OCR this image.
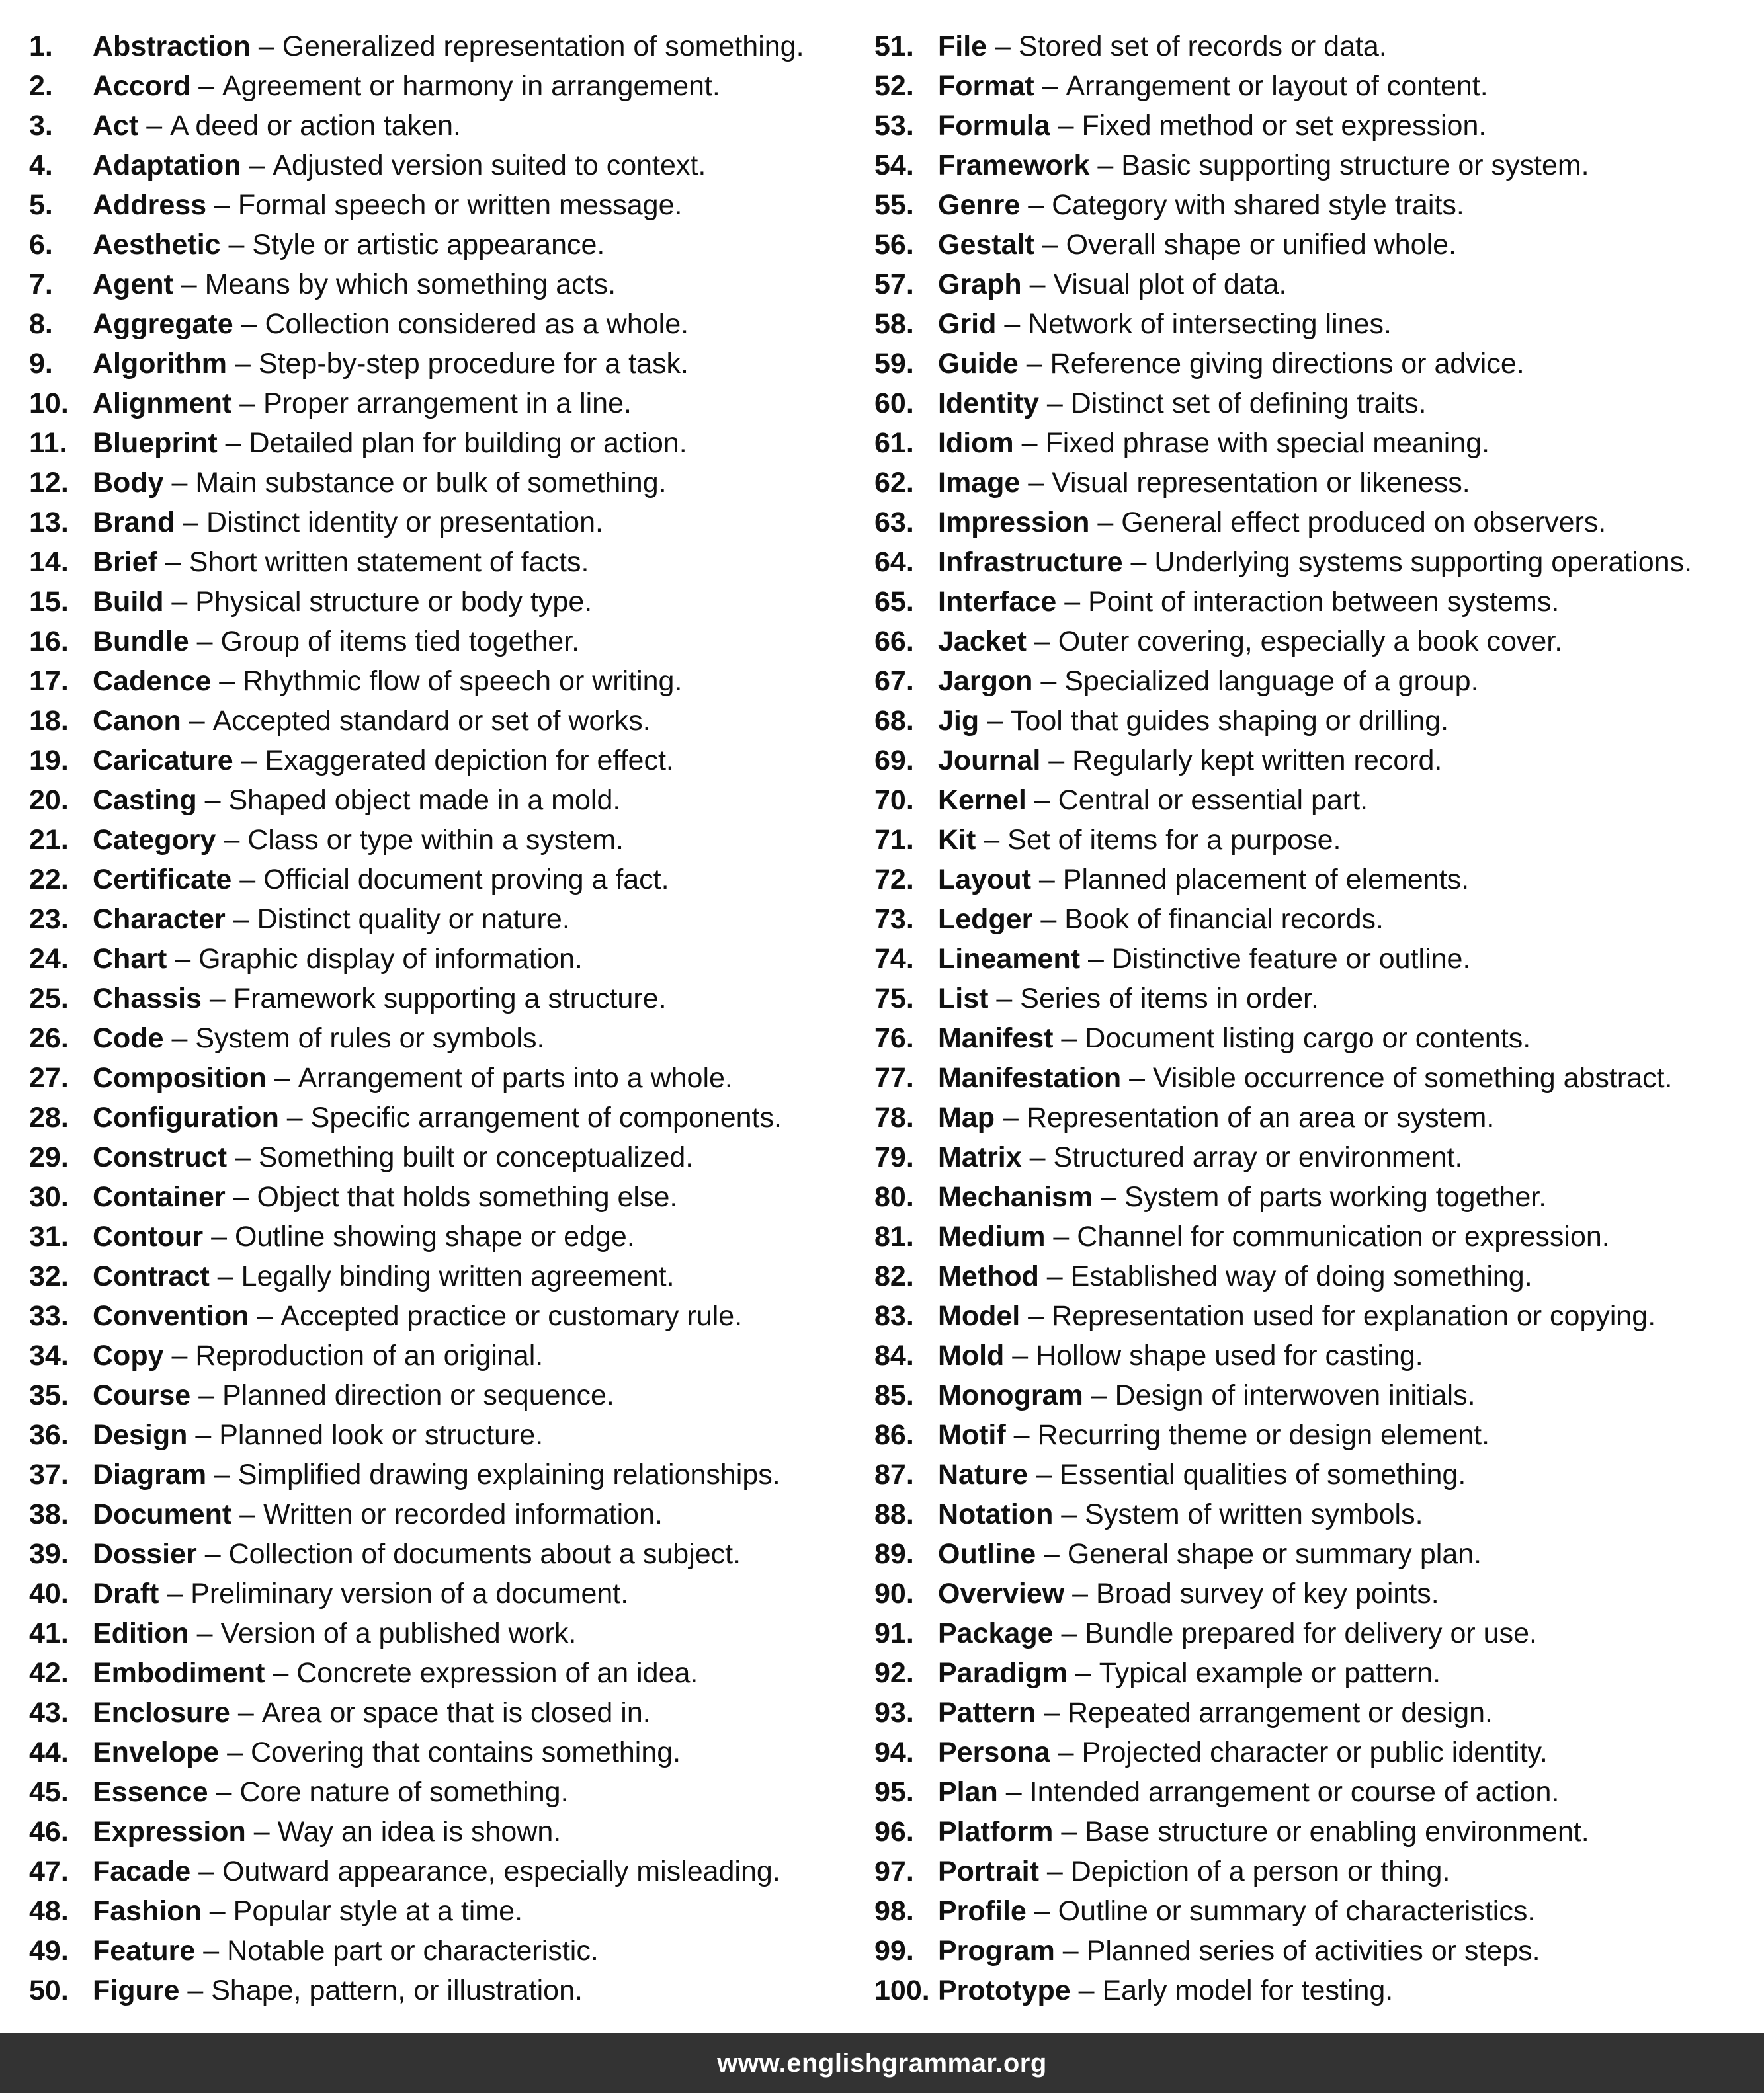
1.	Abstraction – Generalized representation of something.
2.	Accord – Agreement or harmony in arrangement.
3.	Act – A deed or action taken.
4.	Adaptation – Adjusted version suited to context.
5.	Address – Formal speech or written message.
6.	Aesthetic – Style or artistic appearance.
7.	Agent – Means by which something acts.
8.	Aggregate – Collection considered as a whole.
9.	Algorithm – Step-by-step procedure for a task.
10. Alignment – Proper arrangement in a line.
11. Blueprint – Detailed plan for building or action.
12. Body – Main substance or bulk of something.
13. Brand – Distinct identity or presentation.
14. Brief – Short written statement of facts.
15. Build – Physical structure or body type.
16. Bundle – Group of items tied together.
17. Cadence – Rhythmic flow of speech or writing.
18. Canon – Accepted standard or set of works.
19. Caricature – Exaggerated depiction for effect.
20. Casting – Shaped object made in a mold.
21. Category – Class or type within a system.
22. Certificate – Official document proving a fact.
23. Character – Distinct quality or nature.
24. Chart – Graphic display of information.
25. Chassis – Framework supporting a structure.
26. Code – System of rules or symbols.
27. Composition – Arrangement of parts into a whole.
28. Configuration – Specific arrangement of components.
29. Construct – Something built or conceptualized.
30. Container – Object that holds something else.
31. Contour – Outline showing shape or edge.
32. Contract – Legally binding written agreement.
33. Convention – Accepted practice or customary rule.
34. Copy – Reproduction of an original.
35. Course – Planned direction or sequence.
36. Design – Planned look or structure.
37. Diagram – Simplified drawing explaining relationships.
38. Document – Written or recorded information.
39. Dossier – Collection of documents about a subject.
40. Draft – Preliminary version of a document.
41. Edition – Version of a published work.
42. Embodiment – Concrete expression of an idea.
43. Enclosure – Area or space that is closed in.
44. Envelope – Covering that contains something.
45. Essence – Core nature of something.
46. Expression – Way an idea is shown.
47. Facade – Outward appearance, especially misleading.
48. Fashion – Popular style at a time.
49. Feature – Notable part or characteristic.
50. Figure – Shape, pattern, or illustration.
51. File – Stored set of records or data.
52. Format – Arrangement or layout of content.
53. Formula – Fixed method or set expression.
54. Framework – Basic supporting structure or system.
55. Genre – Category with shared style traits.
56. Gestalt – Overall shape or unified whole.
57. Graph – Visual plot of data.
58. Grid – Network of intersecting lines.
59. Guide – Reference giving directions or advice.
60. Identity – Distinct set of defining traits.
61. Idiom – Fixed phrase with special meaning.
62. Image – Visual representation or likeness.
63. Impression – General effect produced on observers.
64. Infrastructure – Underlying systems supporting operations.
65. Interface – Point of interaction between systems.
66. Jacket – Outer covering, especially a book cover.
67. Jargon – Specialized language of a group.
68. Jig – Tool that guides shaping or drilling.
69. Journal – Regularly kept written record.
70. Kernel – Central or essential part.
71. Kit – Set of items for a purpose.
72. Layout – Planned placement of elements.
73. Ledger – Book of financial records.
74. Lineament – Distinctive feature or outline.
75. List – Series of items in order.
76. Manifest – Document listing cargo or contents.
77. Manifestation – Visible occurrence of something abstract.
78. Map – Representation of an area or system.
79. Matrix – Structured array or environment.
80. Mechanism – System of parts working together.
81. Medium – Channel for communication or expression.
82. Method – Established way of doing something.
83. Model – Representation used for explanation or copying.
84. Mold – Hollow shape used for casting.
85. Monogram – Design of interwoven initials.
86. Motif – Recurring theme or design element.
87. Nature – Essential qualities of something.
88. Notation – System of written symbols.
89. Outline – General shape or summary plan.
90. Overview – Broad survey of key points.
91. Package – Bundle prepared for delivery or use.
92. Paradigm – Typical example or pattern.
93. Pattern – Repeated arrangement or design.
94. Persona – Projected character or public identity.
95. Plan – Intended arrangement or course of action.
96. Platform – Base structure or enabling environment.
97. Portrait – Depiction of a person or thing.
98. Profile – Outline or summary of characteristics.
99. Program – Planned series of activities or steps.
100. Prototype – Early model for testing.
www.englishgrammar.org
